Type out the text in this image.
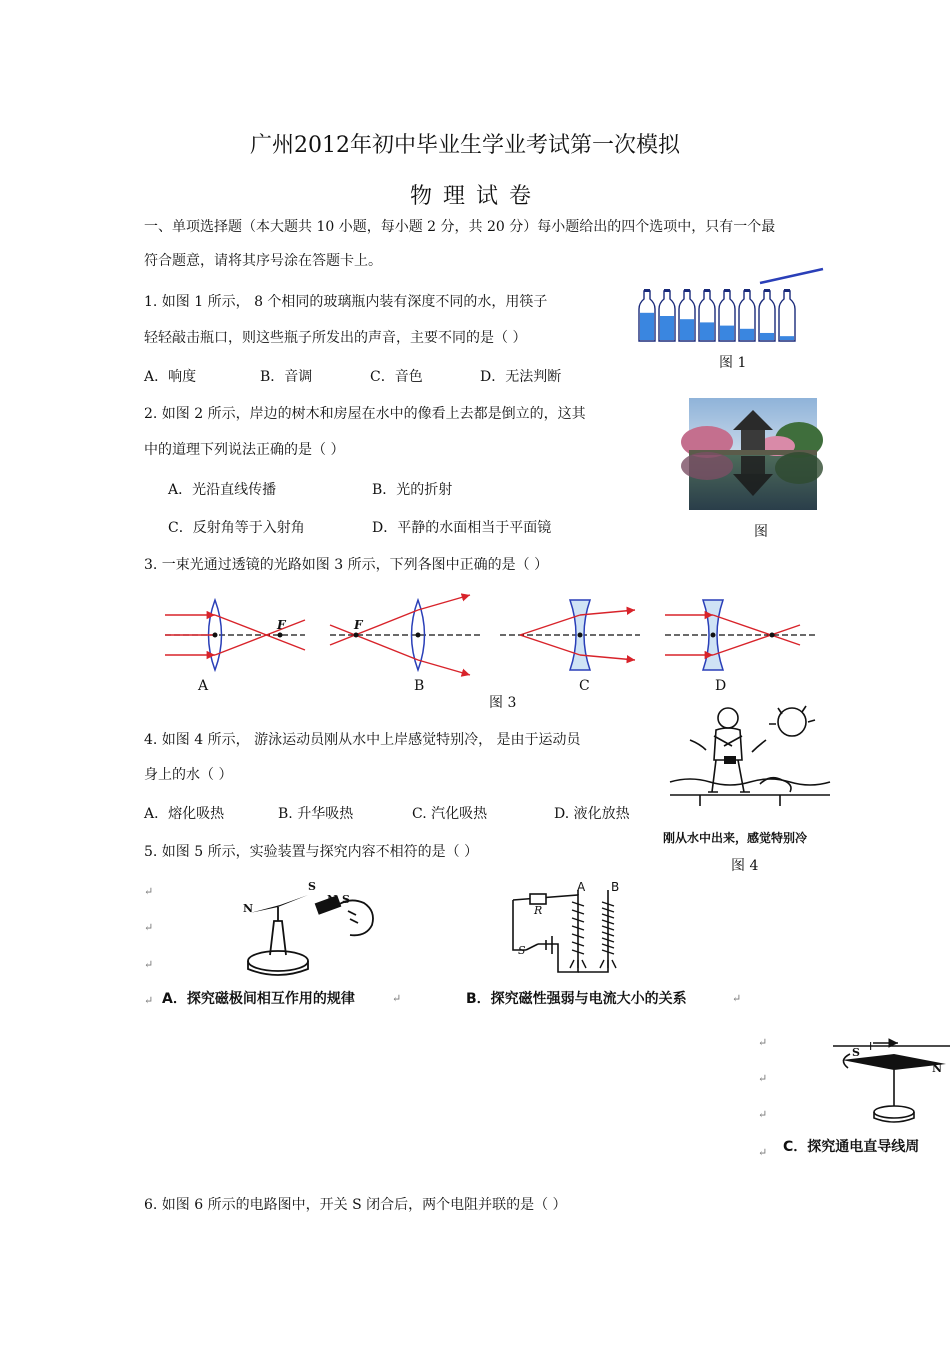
广州2012年初中毕业生学业考试第一次模拟
物 理 试 卷
一、单项选择题（本大题共 10 小题，每小题 2 分，共 20 分）每小题给出的四个选项中，只有一个最
符合题意，请将其序号涂在答题卡上。
1. 如图 1 所示， 8 个相同的玻璃瓶内装有深度不同的水，用筷子
轻轻敲击瓶口，则这些瓶子所发出的声音，主要不同的是（ ）
A．响度	B．音调	C．音色	D．无法判断
图 1
2. 如图 2 所示，岸边的树木和房屋在水中的像看上去都是倒立的，这其
中的道理下列说法正确的是（ ）
A．光沿直线传播	B．光的折射
C．反射角等于入射角	D．平静的水面相当于平面镜	图
3. 一束光通过透镜的光路如图 3 所示，下列各图中正确的是（ ）
F	F
A	B	C	D
图 3
4. 如图 4 所示， 游泳运动员刚从水中上岸感觉特别冷， 是由于运动员
身上的水（ ）
A．熔化吸热	B. 升华吸热	C. 汽化吸热	D. 液化放热
刚从水中出来，感觉特别冷
图 4
5. 如图 5 所示，实验装置与探究内容不相符的是（ ）
↵
↵
↵
↵
N
S
N S
A B
R
S
A．探究磁极间相互作用的规律	↵	B．探究磁性强弱与电流大小的关系	↵
↵
↵
↵
↵
I
S
N
C．探究通电直导线周
6. 如图 6 所示的电路图中，开关 S 闭合后，两个电阻并联的是（ ）
